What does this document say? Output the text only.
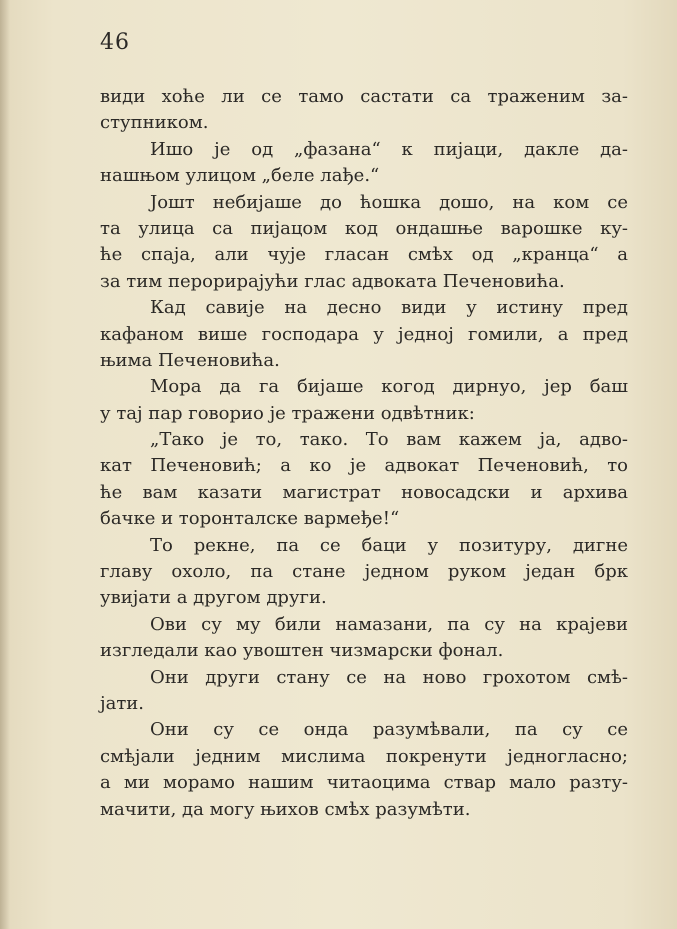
46
види хоће ли се тамо састати са траженим за-
ступником.
Ишо је од „фазана“ к пијаци, дакле да-
нашњом улицом „беле лађе.“
Јошт небијаше до ћошка дошо, на ком се
та улица са пијацом код ондашње варошке ку-
ће спаја, али чује гласан смѣх од „кранца“ а
за тим перорирајући глас адвоката Печеновића.
Кад савије на десно види у истину пред
кафаном више господара у једној гомили, а пред
њима Печеновића.
Мора да га бијаше когод дирнуо, јер баш
у тај пар говорио је тражени одвѣтник:
„Тако је то, тако. То вам кажем ја, адво-
кат Печеновић; а ко је адвокат Печеновић, то
ће вам казати магистрат новосадски и архива
бачке и торонталске вармеђе!“
То рекне, па се баци у позитуру, дигне
главу охоло, па стане једном руком један брк
увијати а другом други.
Ови су му били намазани, па су на крајеви
изгледали као увоштен чизмарски фонал.
Они други стану се на ново грохотом смѣ-
јати.
Они су се онда разумѣвали, па су се
смѣјали једним мислима покренути једногласно;
а ми морамо нашим читаоцима ствар мало разту-
мачити, да могу њихов смѣх разумѣти.
